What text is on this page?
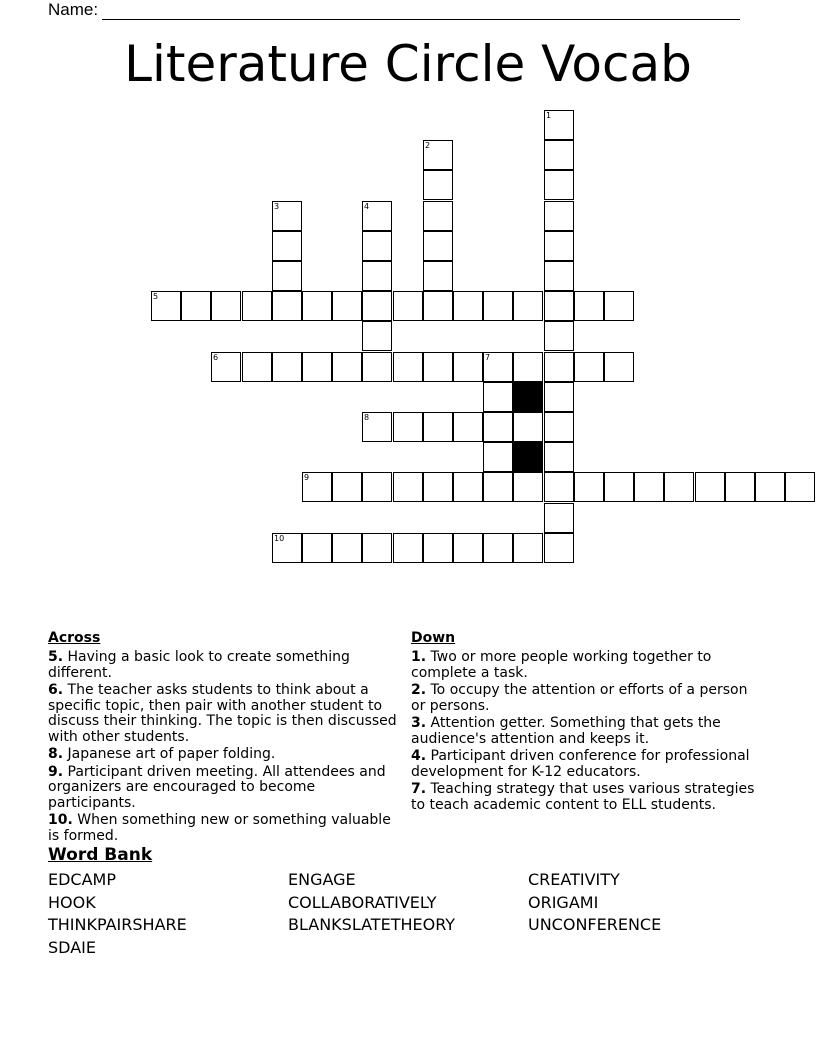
Name:
Literature Circle Vocab
5
6	7
8
9
10
1
2
3	4
Across
5. Having a basic look to create something different.
6. The teacher asks students to think about a specific topic, then pair with another student to discuss their thinking. The topic is then discussed with other students.
8. Japanese art of paper folding.
9. Participant driven meeting. All attendees and organizers are encouraged to become participants.
10. When something new or something valuable is formed.
Down
1. Two or more people working together to complete a task.
2. To occupy the attention or efforts of a person or persons.
3. Attention getter. Something that gets the audience's attention and keeps it.
4. Participant driven conference for professional development for K-12 educators.
7. Teaching strategy that uses various strategies to teach academic content to ELL students.
Word Bank
EDCAMP	ENGAGE	CREATIVITY
HOOK	COLLABORATIVELY	ORIGAMI
THINKPAIRSHARE	BLANKSLATETHEORY	UNCONFERENCE
SDAIE
